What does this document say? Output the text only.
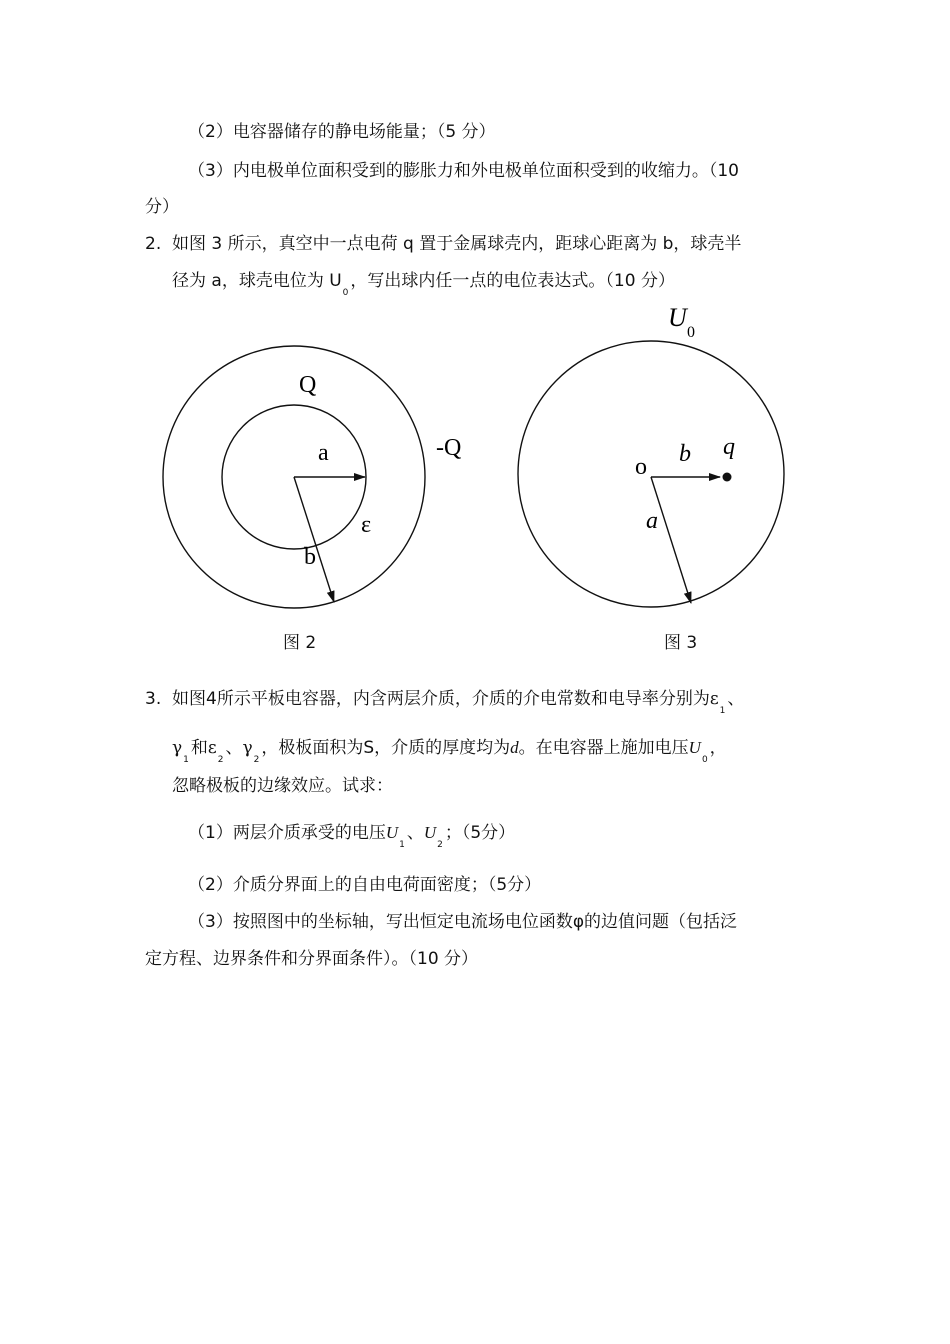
（2）电容器储存的静电场能量；（5 分）
（3）内电极单位面积受到的膨胀力和外电极单位面积受到的收缩力。（10
分）
2. 如图 3 所示，真空中一点电荷 q 置于金属球壳内，距球心距离为 b，球壳半
径为 a，球壳电位为 $U_0$，写出球内任一点的电位表达式。（10 分）
Q
-Q
a
b
ε
图 2
U
0
o b q
a
图 3
3. 如图4所示平板电容器，内含两层介质，介质的介电常数和电导率分别为$\varepsilon_1$、
$\gamma_1$和$\varepsilon_2$、$\gamma_2$，极板面积为S，介质的厚度均为d。在电容器上施加电压$U_0$，
忽略极板的边缘效应。试求：
（1）两层介质承受的电压$U_1$、$U_2$；（5分）
（2）介质分界面上的自由电荷面密度；（5分）
（3）按照图中的坐标轴，写出恒定电流场电位函数φ的边值问题（包括泛
定方程、边界条件和分界面条件）。（10 分）
